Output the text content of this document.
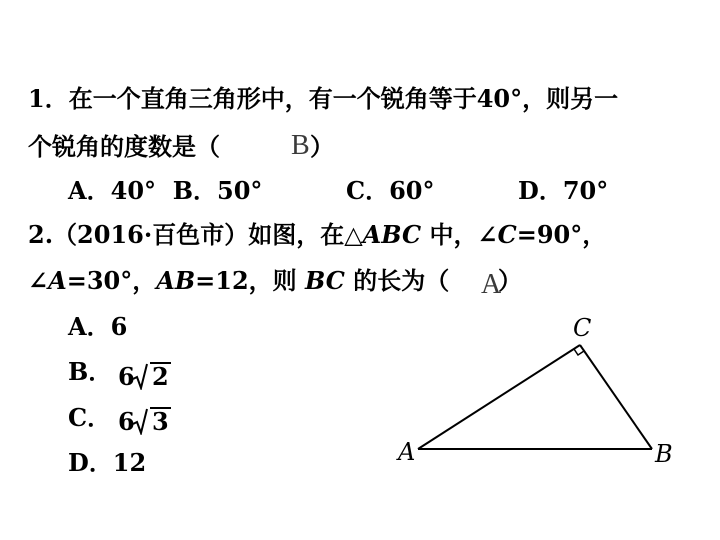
1．在一个直角三角形中，有一个锐角等于40°，则另一
个锐角的度数是（	B ）
A．40°  B．50°          C．60°          D．70°
2.（2016·百色市）如图，在△ABC 中，∠C=90°，
∠A=30°，AB=12，则 BC 的长为（ A
）
A．6
B． 6 2
C． 6 3
D．12
C
A	B
